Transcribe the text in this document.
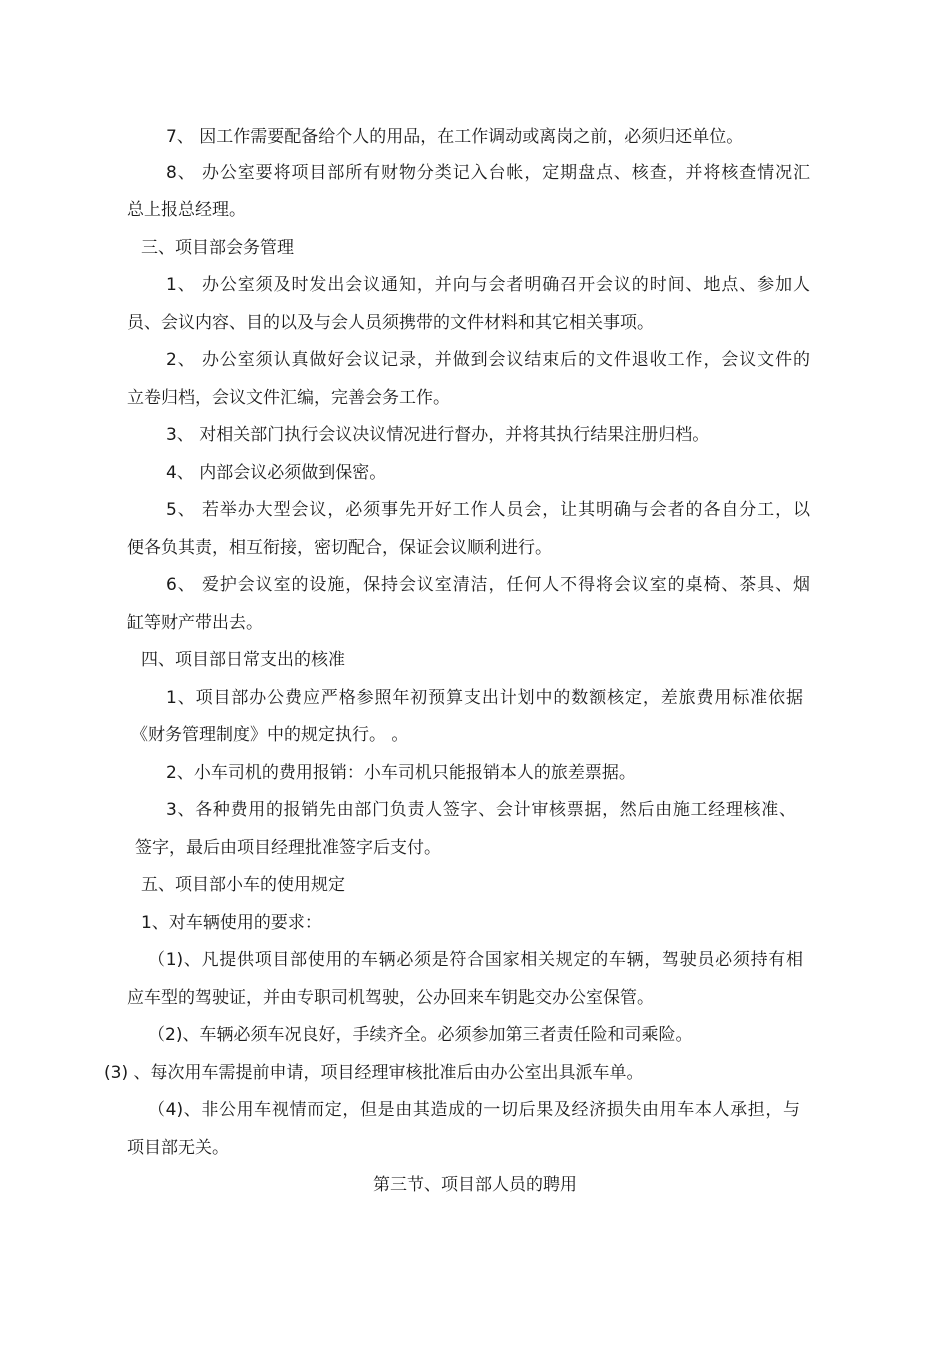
7、 因工作需要配备给个人的用品，在工作调动或离岗之前，必须归还单位。
8、 办公室要将项目部所有财物分类记入台帐，定期盘点、核查，并将核查情况汇
总上报总经理。
三、项目部会务管理
1、 办公室须及时发出会议通知，并向与会者明确召开会议的时间、地点、参加人
员、会议内容、目的以及与会人员须携带的文件材料和其它相关事项。
2、 办公室须认真做好会议记录，并做到会议结束后的文件退收工作，会议文件的
立卷归档，会议文件汇编，完善会务工作。
3、 对相关部门执行会议决议情况进行督办，并将其执行结果注册归档。
4、 内部会议必须做到保密。
5、 若举办大型会议，必须事先开好工作人员会，让其明确与会者的各自分工，以
便各负其责，相互衔接，密切配合，保证会议顺利进行。
6、 爱护会议室的设施，保持会议室清洁，任何人不得将会议室的桌椅、茶具、烟
缸等财产带出去。
四、项目部日常支出的核准
1、项目部办公费应严格参照年初预算支出计划中的数额核定，差旅费用标准依据
《财务管理制度》中的规定执行。 。
2、小车司机的费用报销：小车司机只能报销本人的旅差票据。
3、各种费用的报销先由部门负责人签字、会计审核票据，然后由施工经理核准、
签字，最后由项目经理批准签字后支付。
五、项目部小车的使用规定
1、对车辆使用的要求：
（1)、凡提供项目部使用的车辆必须是符合国家相关规定的车辆，驾驶员必须持有相
应车型的驾驶证，并由专职司机驾驶，公办回来车钥匙交办公室保管。
（2)、车辆必须车况良好，手续齐全。必须参加第三者责任险和司乘险。
(3) 、每次用车需提前申请，项目经理审核批准后由办公室出具派车单。
（4)、非公用车视情而定，但是由其造成的一切后果及经济损失由用车本人承担，与
项目部无关。
第三节、项目部人员的聘用
